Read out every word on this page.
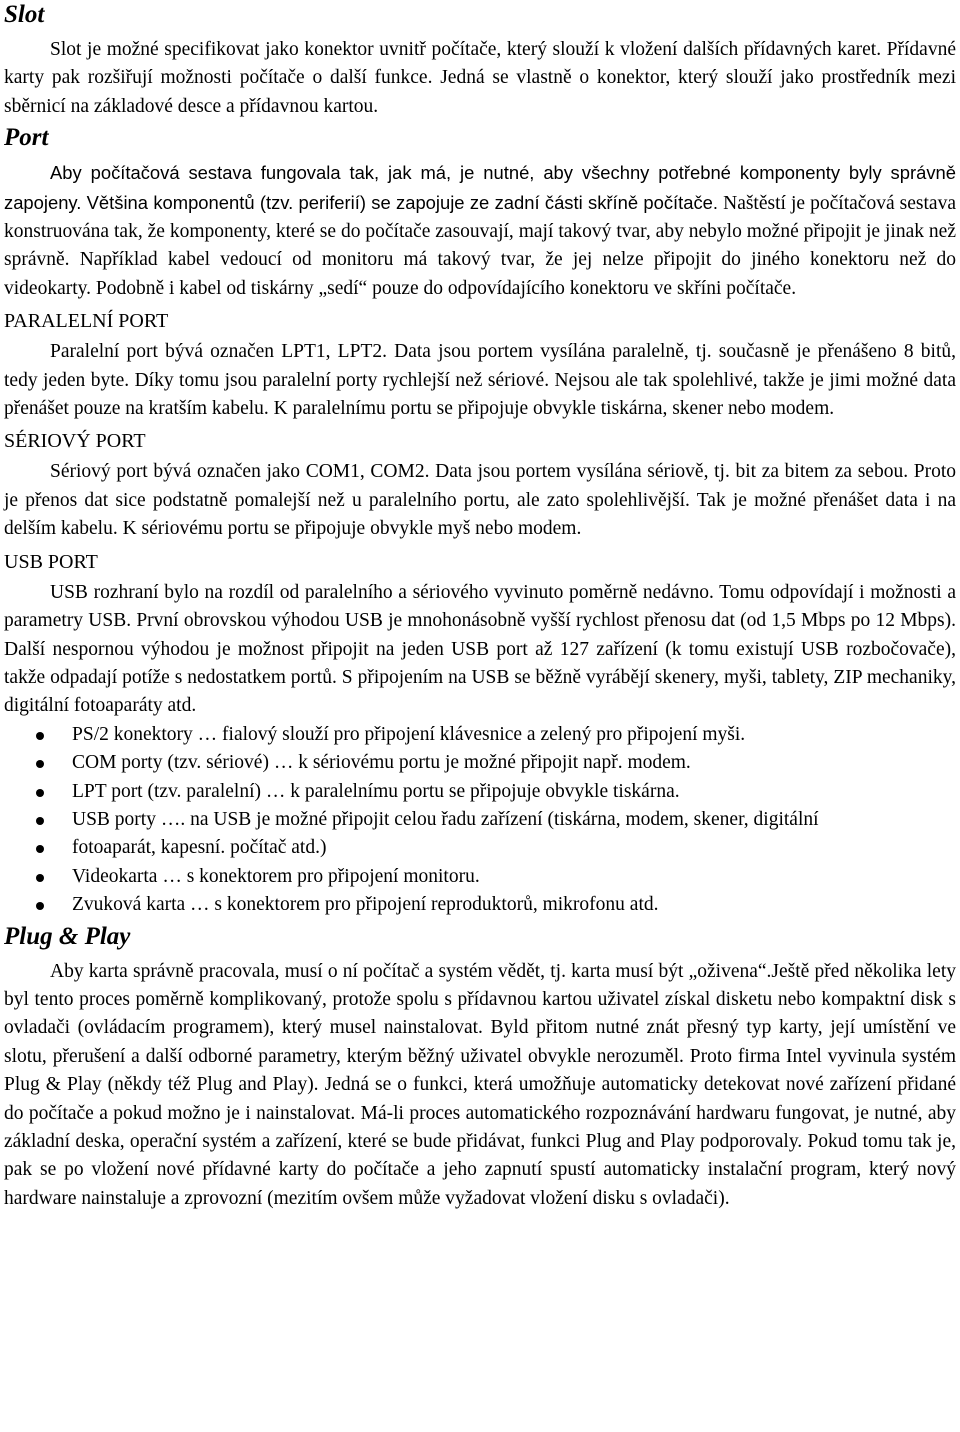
Slot

Slot je možné specifikovat jako konektor uvnitř počítače, který slouží k vložení dalších přídavných karet. Přídavné karty pak rozšiřují možnosti počítače o další funkce. Jedná se vlastně o konektor, který slouží jako prostředník mezi sběrnicí na základové desce a přídavnou kartou.

Port

Aby počítačová sestava fungovala tak, jak má, je nutné, aby všechny potřebné komponenty byly správně zapojeny. Většina komponentů (tzv. periferií) se zapojuje ze zadní části skříně počítače. Naštěstí je počítačová sestava konstruována tak, že komponenty, které se do počítače zasouvají, mají takový tvar, aby nebylo možné připojit je jinak než správně. Například kabel vedoucí od monitoru má takový tvar, že jej nelze připojit do jiného konektoru než do videokarty. Podobně i kabel od tiskárny „sedí“ pouze do odpovídajícího konektoru ve skříni počítače.

PARALELNÍ PORT

Paralelní port bývá označen LPT1, LPT2. Data jsou portem vysílána paralelně, tj. současně je přenášeno 8 bitů, tedy jeden byte. Díky tomu jsou paralelní porty rychlejší než sériové. Nejsou ale tak spolehlivé, takže je jimi možné data přenášet pouze na kratším kabelu. K paralelnímu portu se připojuje obvykle tiskárna, skener nebo modem.

SÉRIOVÝ PORT

Sériový port bývá označen jako COM1, COM2. Data jsou portem vysílána sériově, tj. bit za bitem za sebou. Proto je přenos dat sice podstatně pomalejší než u paralelního portu, ale zato spolehlivější. Tak je možné přenášet data i na delším kabelu. K sériovému portu se připojuje obvykle myš nebo modem.

USB PORT

USB rozhraní bylo na rozdíl od paralelního a sériového vyvinuto poměrně nedávno. Tomu odpovídají i možnosti a parametry USB. První obrovskou výhodou USB je mnohonásobně vyšší rychlost přenosu dat (od 1,5 Mbps po 12 Mbps). Další nespornou výhodou je možnost připojit na jeden USB port až 127 zařízení (k tomu existují USB rozbočovače), takže odpadají potíže s nedostatkem portů. S připojením na USB se běžně vyrábějí skenery, myši, tablety, ZIP mechaniky, digitální fotoaparáty atd.

PS/2 konektory … fialový slouží pro připojení klávesnice a zelený pro připojení myši.
COM porty (tzv. sériové) … k sériovému portu je možné připojit např. modem.
LPT port (tzv. paralelní) … k paralelnímu portu se připojuje obvykle tiskárna.
USB porty …. na USB je možné připojit celou řadu zařízení (tiskárna, modem, skener, digitální
fotoaparát, kapesní. počítač atd.)
Videokarta … s konektorem pro připojení monitoru.
Zvuková karta … s konektorem pro připojení reproduktorů, mikrofonu atd.
Plug & Play

Aby karta správně pracovala, musí o ní počítač a systém vědět, tj. karta musí být „oživena“.Ještě před několika lety byl tento proces poměrně komplikovaný, protože spolu s přídavnou kartou uživatel získal disketu nebo kompaktní disk s ovladači (ovládacím programem), který musel nainstalovat. Byld přitom nutné znát přesný typ karty, její umístění ve slotu, přerušení a další odborné parametry, kterým běžný uživatel obvykle nerozuměl. Proto firma Intel vyvinula systém Plug & Play (někdy též Plug and Play). Jedná se o funkci, která umožňuje automaticky detekovat nové zařízení přidané do počítače a pokud možno je i nainstalovat. Má-li proces automatického rozpoznávání hardwaru fungovat, je nutné, aby základní deska, operační systém a zařízení, které se bude přidávat, funkci Plug and Play podporovaly. Pokud tomu tak je, pak se po vložení nové přídavné karty do počítače a jeho zapnutí spustí automaticky instalační program, který nový hardware nainstaluje a zprovozní (mezitím ovšem může vyžadovat vložení disku s ovladači).
